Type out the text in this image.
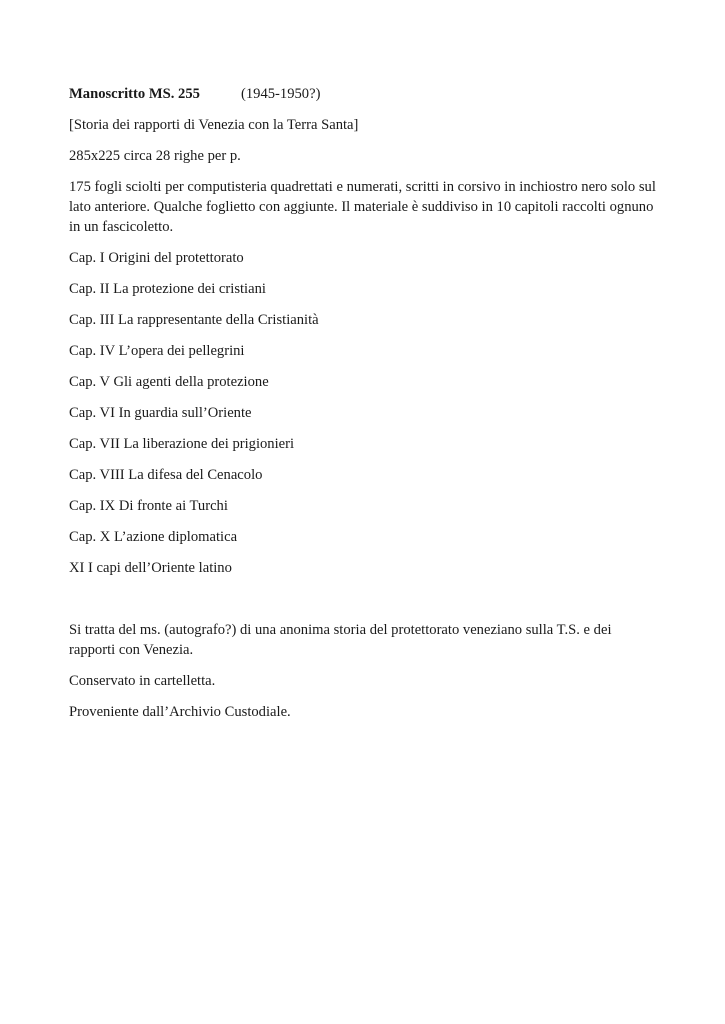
Manoscritto MS. 255	(1945-1950?)

[Storia dei rapporti di Venezia con la Terra Santa]

285x225 circa 28 righe per p.

175 fogli sciolti per computisteria quadrettati e numerati, scritti in corsivo in inchiostro nero solo sul lato anteriore. Qualche foglietto con aggiunte. Il materiale è suddiviso in 10 capitoli raccolti ognuno in un fascicoletto.

Cap. I Origini del protettorato
Cap. II La protezione dei cristiani
Cap. III La rappresentante della Cristianità
Cap. IV L’opera dei pellegrini
Cap. V Gli agenti della protezione
Cap. VI In guardia sull’Oriente
Cap. VII La liberazione dei prigionieri
Cap. VIII La difesa del Cenacolo
Cap. IX Di fronte ai Turchi
Cap. X L’azione diplomatica
XI I capi dell’Oriente latino

Si tratta del ms. (autografo?) di una anonima storia del protettorato veneziano sulla T.S. e dei rapporti con Venezia.

Conservato in cartelletta.

Proveniente dall’Archivio Custodiale.
